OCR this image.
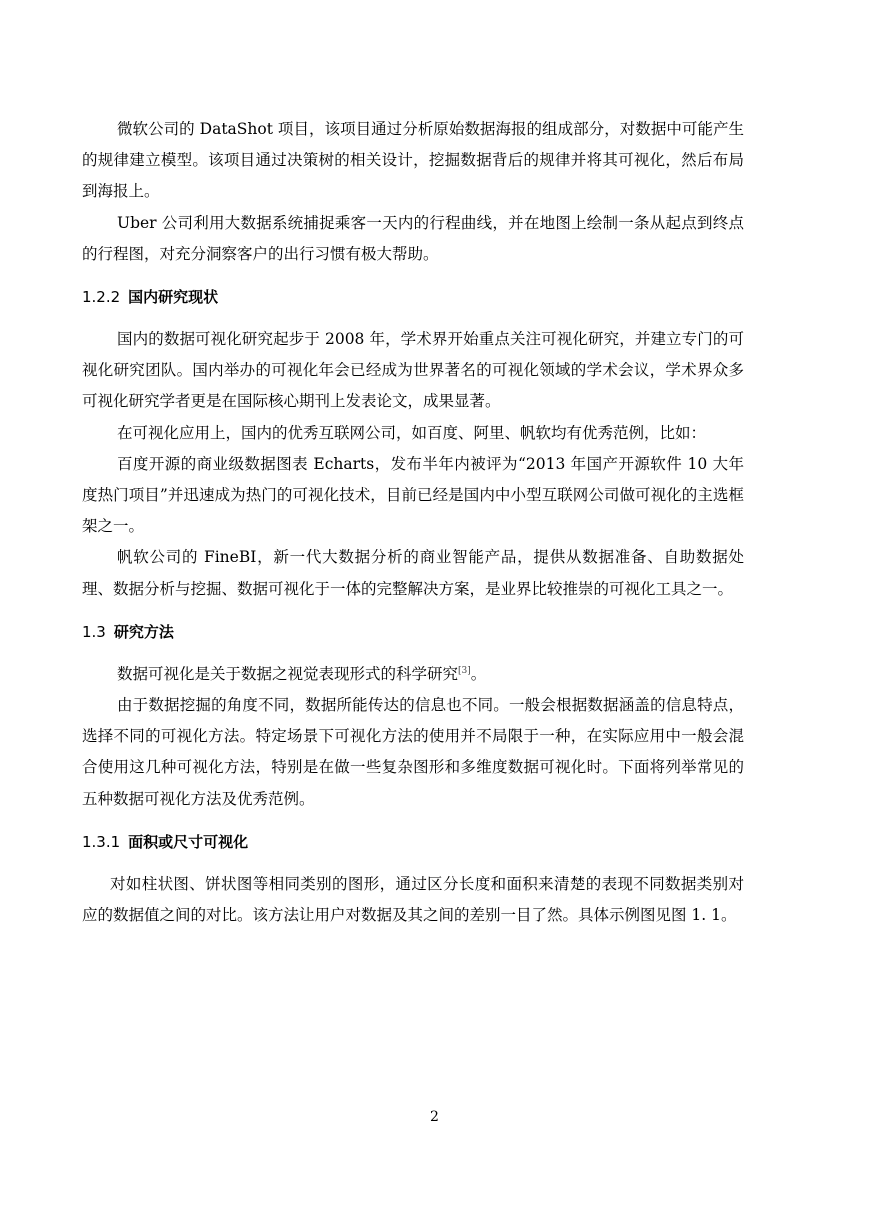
微软公司的 DataShot 项目，该项目通过分析原始数据海报的组成部分，对数据中可能产生的规律建立模型。该项目通过决策树的相关设计，挖掘数据背后的规律并将其可视化，然后布局到海报上。

Uber 公司利用大数据系统捕捉乘客一天内的行程曲线，并在地图上绘制一条从起点到终点的行程图，对充分洞察客户的出行习惯有极大帮助。

1.2.2 国内研究现状

国内的数据可视化研究起步于 2008 年，学术界开始重点关注可视化研究，并建立专门的可视化研究团队。国内举办的可视化年会已经成为世界著名的可视化领域的学术会议，学术界众多可视化研究学者更是在国际核心期刊上发表论文，成果显著。

在可视化应用上，国内的优秀互联网公司，如百度、阿里、帆软均有优秀范例，比如：

百度开源的商业级数据图表 Echarts，发布半年内被评为“2013 年国产开源软件 10 大年度热门项目”并迅速成为热门的可视化技术，目前已经是国内中小型互联网公司做可视化的主选框架之一。

帆软公司的 FineBI，新一代大数据分析的商业智能产品，提供从数据准备、自助数据处理、数据分析与挖掘、数据可视化于一体的完整解决方案，是业界比较推崇的可视化工具之一。

1.3 研究方法

数据可视化是关于数据之视觉表现形式的科学研究[3]。

由于数据挖掘的角度不同，数据所能传达的信息也不同。一般会根据数据涵盖的信息特点，选择不同的可视化方法。特定场景下可视化方法的使用并不局限于一种，在实际应用中一般会混合使用这几种可视化方法，特别是在做一些复杂图形和多维度数据可视化时。下面将列举常见的五种数据可视化方法及优秀范例。

1.3.1 面积或尺寸可视化

对如柱状图、饼状图等相同类别的图形，通过区分长度和面积来清楚的表现不同数据类别对应的数据值之间的对比。该方法让用户对数据及其之间的差别一目了然。具体示例图见图 1. 1。

2
